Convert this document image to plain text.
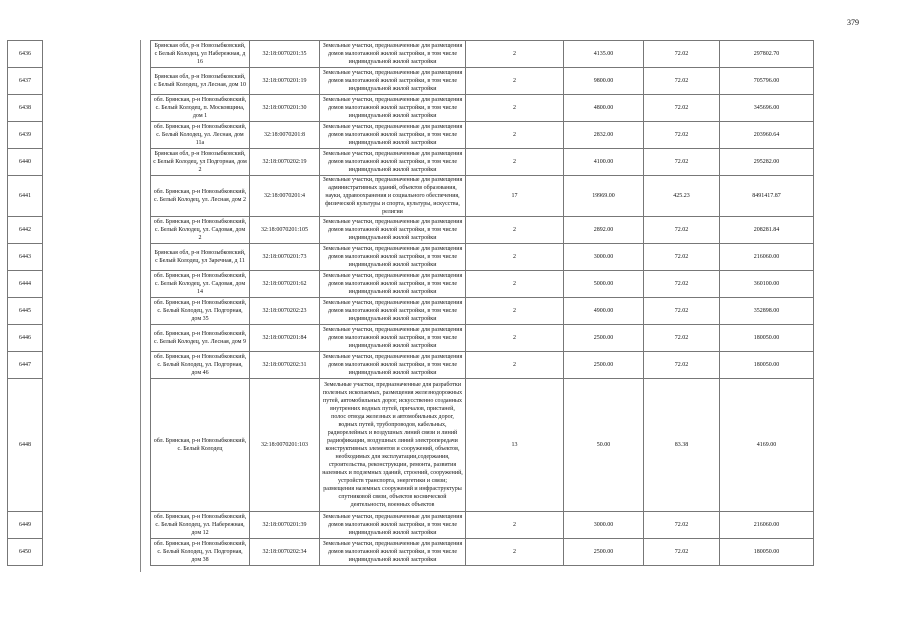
379
6436		Брянская обл, р-н Новозыбковский, с Белый Колодец, ул Набережная, д 16	32:18:0070201:35	Земельные участки, предназначенные для размещения домов малоэтажной жилой застройки, в том числе индивидуальной жилой застройки	2	4135.00	72.02	297802.70
6437		Брянская обл, р-н Новозыбковский, с Белый Колодец, ул Лесная, дом 10	32:18:0070201:19	Земельные участки, предназначенные для размещения домов малоэтажной жилой застройки, в том числе индивидуальной жилой застройки	2	9800.00	72.02	705796.00
6438		обл. Брянская, р-н Новозыбковский, с. Белый Колодец, п. Московщина, дом 1	32:18:0070201:30	Земельные участки, предназначенные для размещения домов малоэтажной жилой застройки, в том числе индивидуальной жилой застройки	2	4800.00	72.02	345696.00
6439		обл. Брянская, р-н Новозыбковский, с. Белый Колодец, ул. Лесная, дом 11а	32:18:0070201:8	Земельные участки, предназначенные для размещения домов малоэтажной жилой застройки, в том числе индивидуальной жилой застройки	2	2832.00	72.02	203960.64
6440		Брянская обл, р-н Новозыбковский, с Белый Колодец, ул Подгорная, дом 2	32:18:0070202:19	Земельные участки, предназначенные для размещения домов малоэтажной жилой застройки, в том числе индивидуальной жилой застройки	2	4100.00	72.02	295282.00
6441		обл. Брянская, р-н Новозыбковский, с. Белый Колодец, ул. Лесная, дом 2	32:18:0070201:4	Земельные участки, предназначенные для размещения административных зданий, объектов образования, науки, здравоохранения и социального обеспечения, физической культуры и спорта, культуры, искусства, религии	17	19969.00	425.23	8491417.87
6442		обл. Брянская, р-н Новозыбковский, с. Белый Колодец, ул. Садовая, дом 2	32:18:0070201:105	Земельные участки, предназначенные для размещения домов малоэтажной жилой застройки, в том числе индивидуальной жилой застройки	2	2892.00	72.02	208281.84
6443		Брянская обл, р-н Новозыбковский, с Белый Колодец, ул Заречная, д 11	32:18:0070201:73	Земельные участки, предназначенные для размещения домов малоэтажной жилой застройки, в том числе индивидуальной жилой застройки	2	3000.00	72.02	216060.00
6444		обл. Брянская, р-н Новозыбковский, с. Белый Колодец, ул. Садовая, дом 14	32:18:0070201:62	Земельные участки, предназначенные для размещения домов малоэтажной жилой застройки, в том числе индивидуальной жилой застройки	2	5000.00	72.02	360100.00
6445		обл. Брянская, р-н Новозыбковский, с. Белый Колодец, ул. Подгорная, дом 35	32:18:0070202:23	Земельные участки, предназначенные для размещения домов малоэтажной жилой застройки, в том числе индивидуальной жилой застройки	2	4900.00	72.02	352898.00
6446		обл. Брянская, р-н Новозыбковский, с. Белый Колодец, ул. Лесная, дом 9	32:18:0070201:84	Земельные участки, предназначенные для размещения домов малоэтажной жилой застройки, в том числе индивидуальной жилой застройки	2	2500.00	72.02	180050.00
6447		обл. Брянская, р-н Новозыбковский, с. Белый Колодец, ул. Подгорная, дом 46	32:18:0070202:31	Земельные участки, предназначенные для размещения домов малоэтажной жилой застройки, в том числе индивидуальной жилой застройки	2	2500.00	72.02	180050.00
6448		обл. Брянская, р-н Новозыбковский, с. Белый Колодец	32:18:0070201:103	Земельные участки, предназначенные для разработки полезных ископаемых, размещения железнодорожных путей, автомобильных дорог, искусственно созданных внутренних водных путей, причалов, пристаней, полос отвода железных и автомобильных дорог, водных путей, трубопроводов, кабельных, радиорелейных и воздушных линий связи и линий радиофикации, воздушных линий электропередачи конструктивных элементов и сооружений, объектов, необходимых для эксплуатации,содержания, строительства, реконструкции, ремонта, развития наземных и подземных зданий, строений, сооружений, устройств транспорта, энергетики и связи; размещения наземных сооружений и инфраструктуры спутниковой связи, объектов космической деятельности, военных объектов	13	50.00	83.38	4169.00
6449		обл. Брянская, р-н Новозыбковский, с. Белый Колодец, ул. Набережная, дом 12	32:18:0070201:39	Земельные участки, предназначенные для размещения домов малоэтажной жилой застройки, в том числе индивидуальной жилой застройки	2	3000.00	72.02	216060.00
6450		обл. Брянская, р-н Новозыбковский, с. Белый Колодец, ул. Подгорная, дом 38	32:18:0070202:34	Земельные участки, предназначенные для размещения домов малоэтажной жилой застройки, в том числе индивидуальной жилой застройки	2	2500.00	72.02	180050.00
